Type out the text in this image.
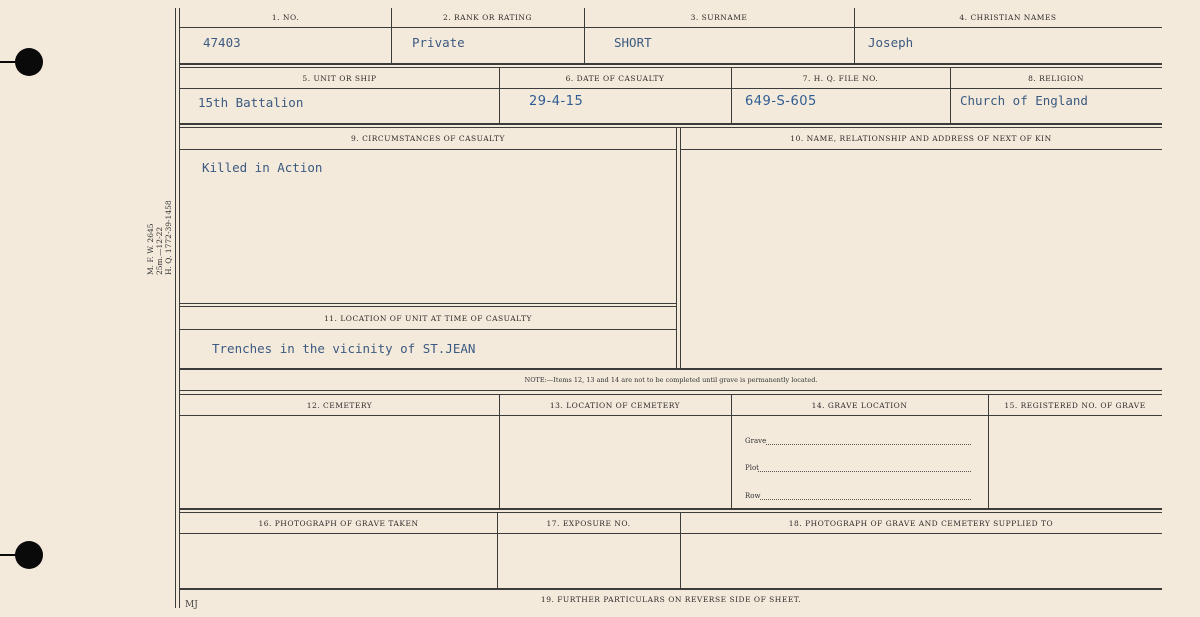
M. F. W. 2645 25m.—12-22 H. Q. 1772-39-1458
1. NO.	2. RANK OR RATING	3. SURNAME	4. CHRISTIAN NAMES
47403	Private	SHORT	Joseph
5. UNIT OR SHIP	6. DATE OF CASUALTY	7. H. Q. FILE NO.	8. RELIGION
15th Battalion	29-4-15	649-S-605	Church of England
9. CIRCUMSTANCES OF CASUALTY	10. NAME, RELATIONSHIP AND ADDRESS OF NEXT OF KIN
Killed in Action
11. LOCATION OF UNIT AT TIME OF CASUALTY
Trenches in the vicinity of ST.JEAN
NOTE:—Items 12, 13 and 14 are not to be completed until grave is permanently located.
12. CEMETERY	13. LOCATION OF CEMETERY	14. GRAVE LOCATION	15. REGISTERED NO. OF GRAVE
Grave
Plot
Row
16. PHOTOGRAPH OF GRAVE TAKEN	17. EXPOSURE NO.	18. PHOTOGRAPH OF GRAVE AND CEMETERY SUPPLIED TO
19. FURTHER PARTICULARS ON REVERSE SIDE OF SHEET.
MJ
